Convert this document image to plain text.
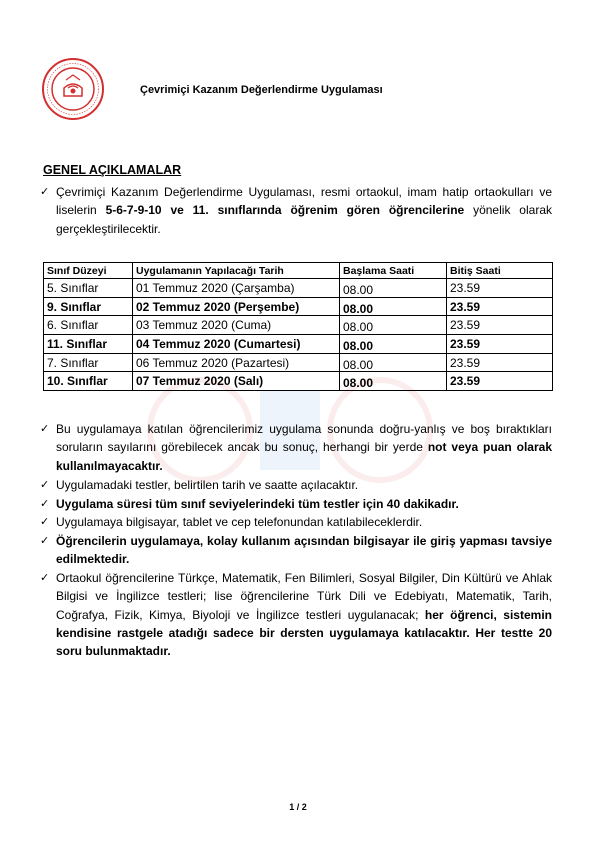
Çevrimiçi Kazanım Değerlendirme Uygulaması
GENEL AÇIKLAMALAR
✓ Çevrimiçi Kazanım Değerlendirme Uygulaması, resmi ortaokul, imam hatip ortaokulları ve liselerin 5-6-7-9-10 ve 11. sınıflarında öğrenim gören öğrencilerine yönelik olarak gerçekleştirilecektir.
Sınıf Düzeyi	Uygulamanın Yapılacağı Tarih	Başlama Saati	Bitiş Saati
5. Sınıflar	01 Temmuz 2020 (Çarşamba)	08.00	23.59
9. Sınıflar	02 Temmuz 2020 (Perşembe)	08.00	23.59
6. Sınıflar	03 Temmuz 2020 (Cuma)	08.00	23.59
11. Sınıflar	04 Temmuz 2020 (Cumartesi)	08.00	23.59
7. Sınıflar	06 Temmuz 2020 (Pazartesi)	08.00	23.59
10. Sınıflar	07 Temmuz 2020 (Salı)	08.00	23.59
✓ Bu uygulamaya katılan öğrencilerimiz uygulama sonunda doğru-yanlış ve boş bıraktıkları soruların sayılarını görebilecek ancak bu sonuç, herhangi bir yerde not veya puan olarak kullanılmayacaktır.
✓ Uygulamadaki testler, belirtilen tarih ve saatte açılacaktır.
✓ Uygulama süresi tüm sınıf seviyelerindeki tüm testler için 40 dakikadır.
✓ Uygulamaya bilgisayar, tablet ve cep telefonundan katılabileceklerdir.
✓ Öğrencilerin uygulamaya, kolay kullanım açısından bilgisayar ile giriş yapması tavsiye edilmektedir.
✓ Ortaokul öğrencilerine Türkçe, Matematik, Fen Bilimleri, Sosyal Bilgiler, Din Kültürü ve Ahlak Bilgisi ve İngilizce testleri; lise öğrencilerine Türk Dili ve Edebiyatı, Matematik, Tarih, Coğrafya, Fizik, Kimya, Biyoloji ve İngilizce testleri uygulanacak; her öğrenci, sistemin kendisine rastgele atadığı sadece bir dersten uygulamaya katılacaktır. Her testte 20 soru bulunmaktadır.
1 / 2
